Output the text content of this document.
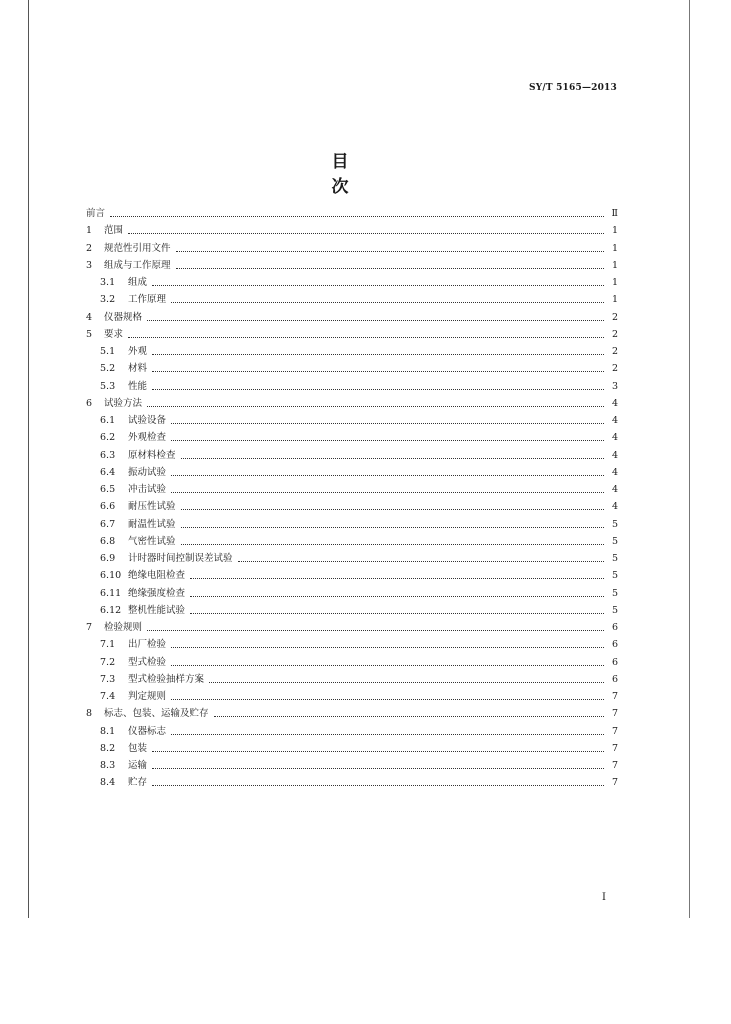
SY/T 5165—2013
目　次
前言	Ⅱ
1	范围	1
2	规范性引用文件	1
3	组成与工作原理	1
3.1	组成	1
3.2	工作原理	1
4	仪器规格	2
5	要求	2
5.1	外观	2
5.2	材料	2
5.3	性能	3
6	试验方法	4
6.1	试验设备	4
6.2	外观检查	4
6.3	原材料检查	4
6.4	振动试验	4
6.5	冲击试验	4
6.6	耐压性试验	4
6.7	耐温性试验	5
6.8	气密性试验	5
6.9	计时器时间控制误差试验	5
6.10 绝缘电阻检查	5
6.11 绝缘强度检查	5
6.12 整机性能试验	5
7	检验规则	6
7.1	出厂检验	6
7.2	型式检验	6
7.3	型式检验抽样方案	6
7.4	判定规则	7
8	标志、包装、运输及贮存	7
8.1	仪器标志	7
8.2	包装	7
8.3	运输	7
8.4	贮存	7
I
